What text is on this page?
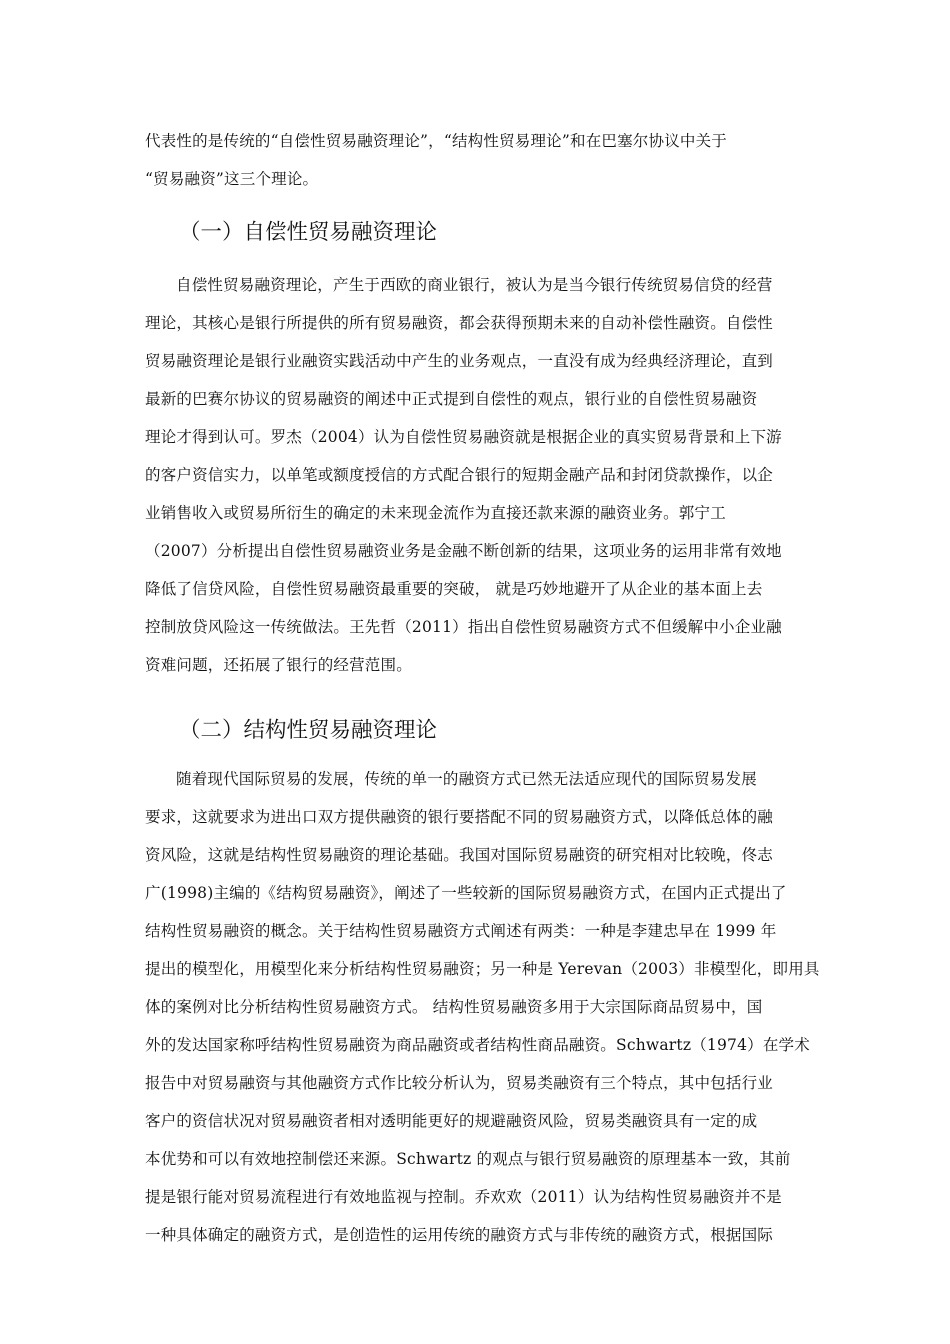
代表性的是传统的“自偿性贸易融资理论”，“结构性贸易理论”和在巴塞尔协议中关于
“贸易融资”这三个理论。
（一）自偿性贸易融资理论
自偿性贸易融资理论，产生于西欧的商业银行，被认为是当今银行传统贸易信贷的经营
理论，其核心是银行所提供的所有贸易融资，都会获得预期未来的自动补偿性融资。自偿性
贸易融资理论是银行业融资实践活动中产生的业务观点，一直没有成为经典经济理论，直到
最新的巴赛尔协议的贸易融资的阐述中正式提到自偿性的观点，银行业的自偿性贸易融资
理论才得到认可。罗杰（2004）认为自偿性贸易融资就是根据企业的真实贸易背景和上下游
的客户资信实力，以单笔或额度授信的方式配合银行的短期金融产品和封闭贷款操作，以企
业销售收入或贸易所衍生的确定的未来现金流作为直接还款来源的融资业务。郭宁工
（2007）分析提出自偿性贸易融资业务是金融不断创新的结果，这项业务的运用非常有效地
降低了信贷风险，自偿性贸易融资最重要的突破， 就是巧妙地避开了从企业的基本面上去
控制放贷风险这一传统做法。王先哲（2011）指出自偿性贸易融资方式不但缓解中小企业融
资难问题，还拓展了银行的经营范围。
（二）结构性贸易融资理论
随着现代国际贸易的发展，传统的单一的融资方式已然无法适应现代的国际贸易发展
要求，这就要求为进出口双方提供融资的银行要搭配不同的贸易融资方式，以降低总体的融
资风险，这就是结构性贸易融资的理论基础。我国对国际贸易融资的研究相对比较晚，佟志
广(1998)主编的《结构贸易融资》，阐述了一些较新的国际贸易融资方式，在国内正式提出了
结构性贸易融资的概念。关于结构性贸易融资方式阐述有两类：一种是李建忠早在 1999 年
提出的模型化，用模型化来分析结构性贸易融资；另一种是 Yerevan（2003）非模型化，即用具
体的案例对比分析结构性贸易融资方式。 结构性贸易融资多用于大宗国际商品贸易中，国
外的发达国家称呼结构性贸易融资为商品融资或者结构性商品融资。Schwartz（1974）在学术
报告中对贸易融资与其他融资方式作比较分析认为，贸易类融资有三个特点，其中包括行业
客户的资信状况对贸易融资者相对透明能更好的规避融资风险，贸易类融资具有一定的成
本优势和可以有效地控制偿还来源。Schwartz 的观点与银行贸易融资的原理基本一致，其前
提是银行能对贸易流程进行有效地监视与控制。乔欢欢（2011）认为结构性贸易融资并不是
一种具体确定的融资方式，是创造性的运用传统的融资方式与非传统的融资方式，根据国际
